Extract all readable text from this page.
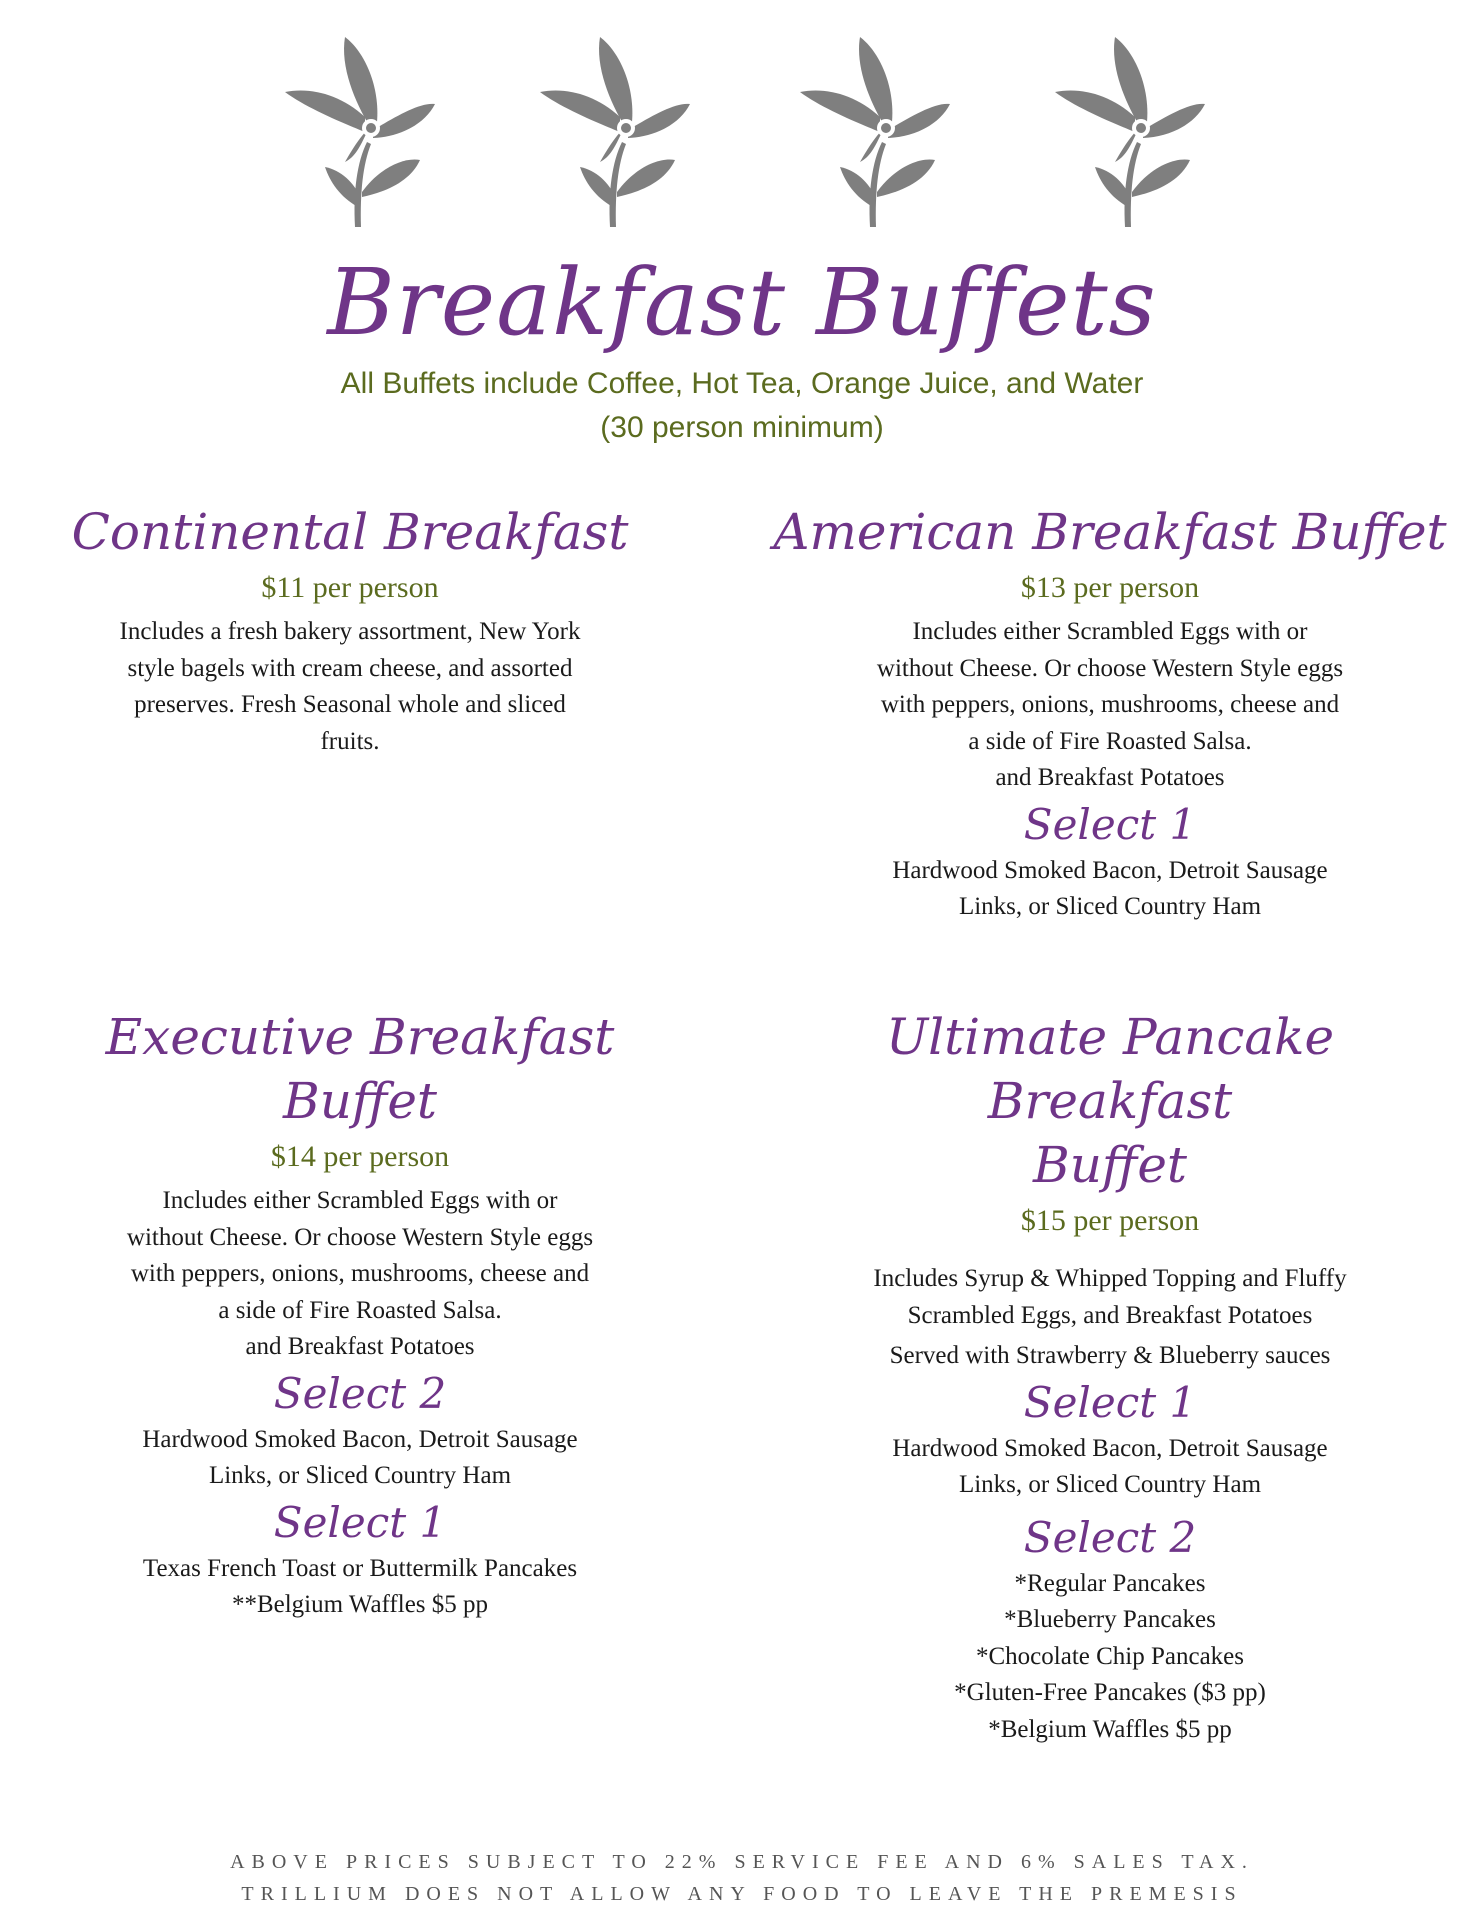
Breakfast Buffets
All Buffets include Coffee, Hot Tea, Orange Juice, and Water
(30 person minimum)
Continental Breakfast
$11 per person

Includes a fresh bakery assortment, New York

style bagels with cream cheese, and assorted

preserves. Fresh Seasonal whole and sliced

fruits.

American Breakfast Buffet
$13 per person

Includes either Scrambled Eggs with or

without Cheese. Or choose Western Style eggs

with peppers, onions, mushrooms, cheese and

a side of Fire Roasted Salsa.

and Breakfast Potatoes

Select 1

Hardwood Smoked Bacon, Detroit Sausage

Links, or Sliced Country Ham

Executive Breakfast Buffet
$14 per person

Includes either Scrambled Eggs with or

without Cheese. Or choose Western Style eggs

with peppers, onions, mushrooms, cheese and

a side of Fire Roasted Salsa.

and Breakfast Potatoes

Select 2

Hardwood Smoked Bacon, Detroit Sausage

Links, or Sliced Country Ham

Select 1

Texas French Toast or Buttermilk Pancakes

**Belgium Waffles $5 pp

Ultimate Pancake Breakfast
Buffet
$15 per person

Includes Syrup & Whipped Topping and Fluffy

Scrambled Eggs, and Breakfast Potatoes

Served with Strawberry & Blueberry sauces

Select 1

Hardwood Smoked Bacon, Detroit Sausage

Links, or Sliced Country Ham

Select 2

*Regular Pancakes

*Blueberry Pancakes

*Chocolate Chip Pancakes

*Gluten-Free Pancakes ($3 pp)

*Belgium Waffles $5 pp

ABOVE PRICES SUBJECT TO 22% SERVICE FEE AND 6% SALES TAX.
TRILLIUM DOES NOT ALLOW ANY FOOD TO LEAVE THE PREMESIS
